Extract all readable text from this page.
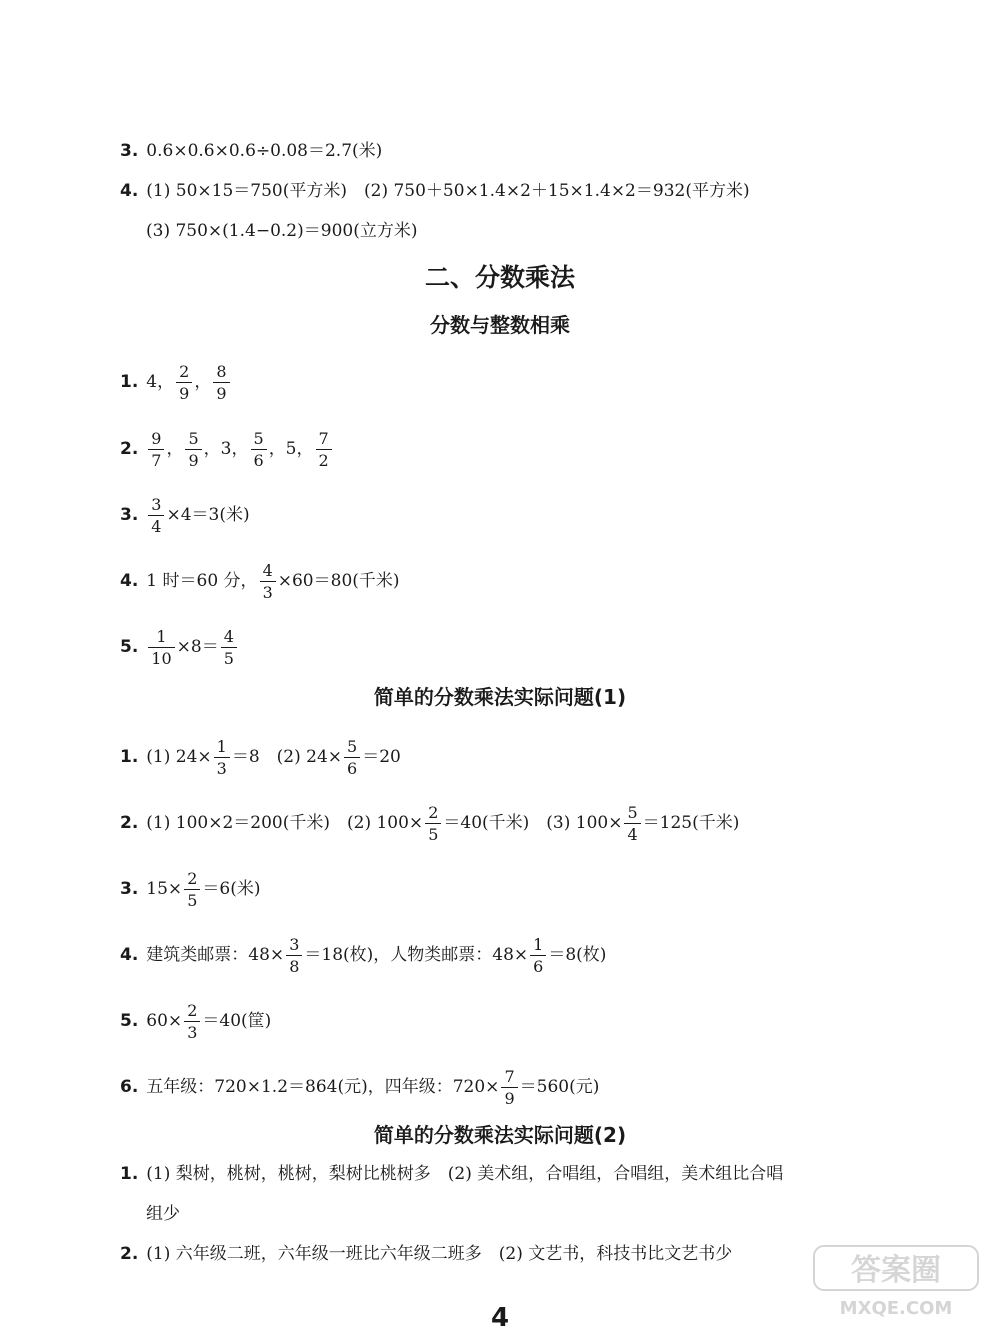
3. 0.6×0.6×0.6÷0.08＝2.7(米)
4. (1) 50×15＝750(平方米)　(2) 750＋50×1.4×2＋15×1.4×2＝932(平方米)
(3) 750×(1.4−0.2)＝900(立方米)
二、分数乘法
分数与整数相乘
1. 4， $\frac{2}{9}$ ， $\frac{8}{9}$
2. $\frac{9}{7}$ ， $\frac{5}{9}$ ，3， $\frac{5}{6}$ ，5， $\frac{7}{2}$
3. $\frac{3}{4} \times 4=3$(米)
4. 1 时＝60 分， $\frac{4}{3} \times 60=80$(千米)
5. $\frac{1}{10} \times 8= \frac{4}{5}$
简单的分数乘法实际问题(1)
1. (1) $24\times \frac{1}{3} =8$　(2) $24\times \frac{5}{6} =20$
2. (1) 100×2＝200(千米)　(2) $100\times \frac{2}{5} =40$(千米)　(3) $100\times \frac{5}{4} =125$(千米)
3. $15\times \frac{2}{5} =6$(米)
4. 建筑类邮票：$48\times \frac{3}{8} =18$(枚)，人物类邮票：$48\times \frac{1}{6} =8$(枚)
5. $60\times \frac{2}{3} =40$(筐)
6. 五年级：720×1.2＝864(元)，四年级：$720\times \frac{7}{9} =560$(元)
简单的分数乘法实际问题(2)
1. (1) 梨树，桃树，桃树，梨树比桃树多　(2) 美术组，合唱组，合唱组，美术组比合唱
组少
2. (1) 六年级二班，六年级一班比六年级二班多　(2) 文艺书，科技书比文艺书少	答案圈
MXQE.COM
4
